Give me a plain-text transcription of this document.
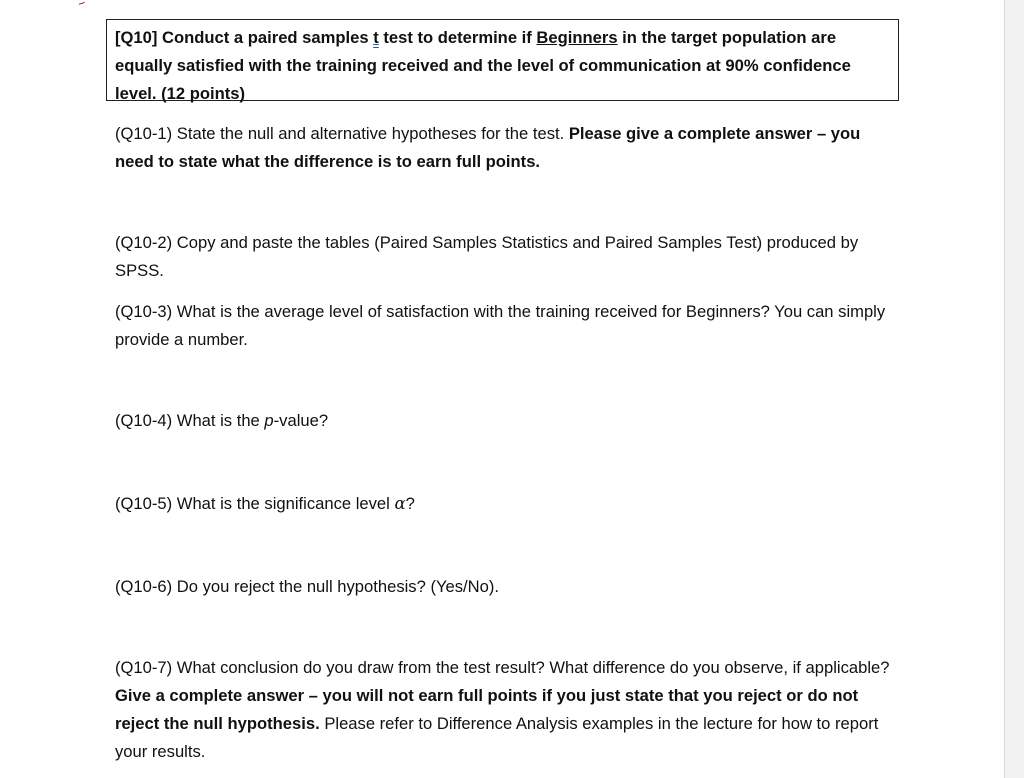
[Q10] Conduct a paired samples t test to determine if Beginners in the target population are equally satisfied with the training received and the level of communication at 90% confidence level. (12 points)
(Q10-1) State the null and alternative hypotheses for the test. Please give a complete answer – you need to state what the difference is to earn full points.
(Q10-2) Copy and paste the tables (Paired Samples Statistics and Paired Samples Test) produced by SPSS.
(Q10-3) What is the average level of satisfaction with the training received for Beginners? You can simply provide a number.
(Q10-4) What is the p-value?
(Q10-5) What is the significance level α?
(Q10-6) Do you reject the null hypothesis? (Yes/No).
(Q10-7) What conclusion do you draw from the test result? What difference do you observe, if applicable? Give a complete answer – you will not earn full points if you just state that you reject or do not reject the null hypothesis. Please refer to Difference Analysis examples in the lecture for how to report your results.
